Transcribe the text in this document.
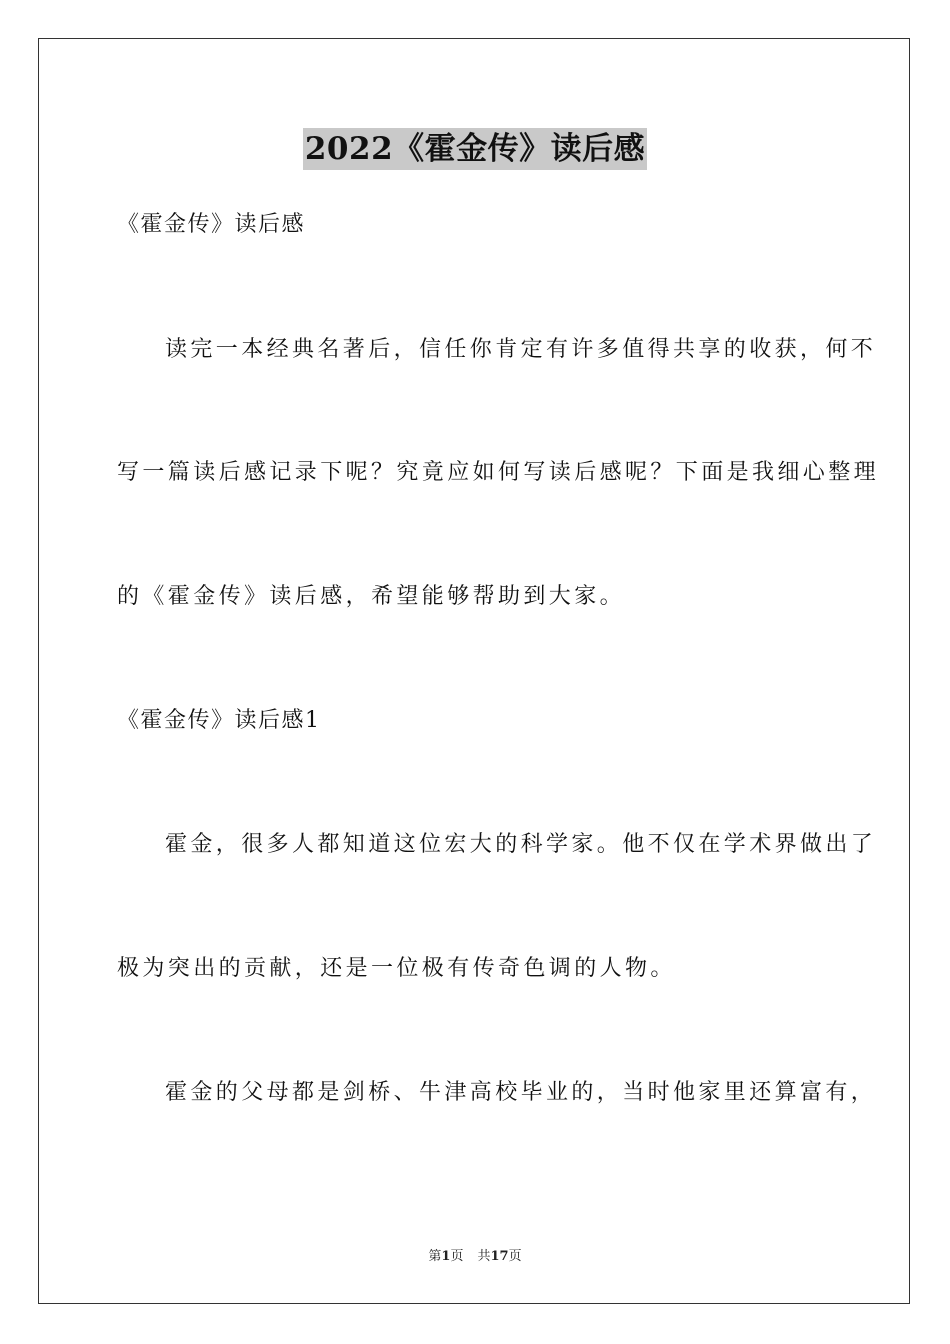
2022《霍金传》读后感
《霍金传》读后感
读完一本经典名著后，信任你肯定有许多值得共享的收获，何不
写一篇读后感记录下呢？究竟应如何写读后感呢？下面是我细心整理
的《霍金传》读后感，希望能够帮助到大家。
《霍金传》读后感1
霍金，很多人都知道这位宏大的科学家。他不仅在学术界做出了
极为突出的贡献，还是一位极有传奇色调的人物。
霍金的父母都是剑桥、牛津高校毕业的，当时他家里还算富有，
第1页 共17页
